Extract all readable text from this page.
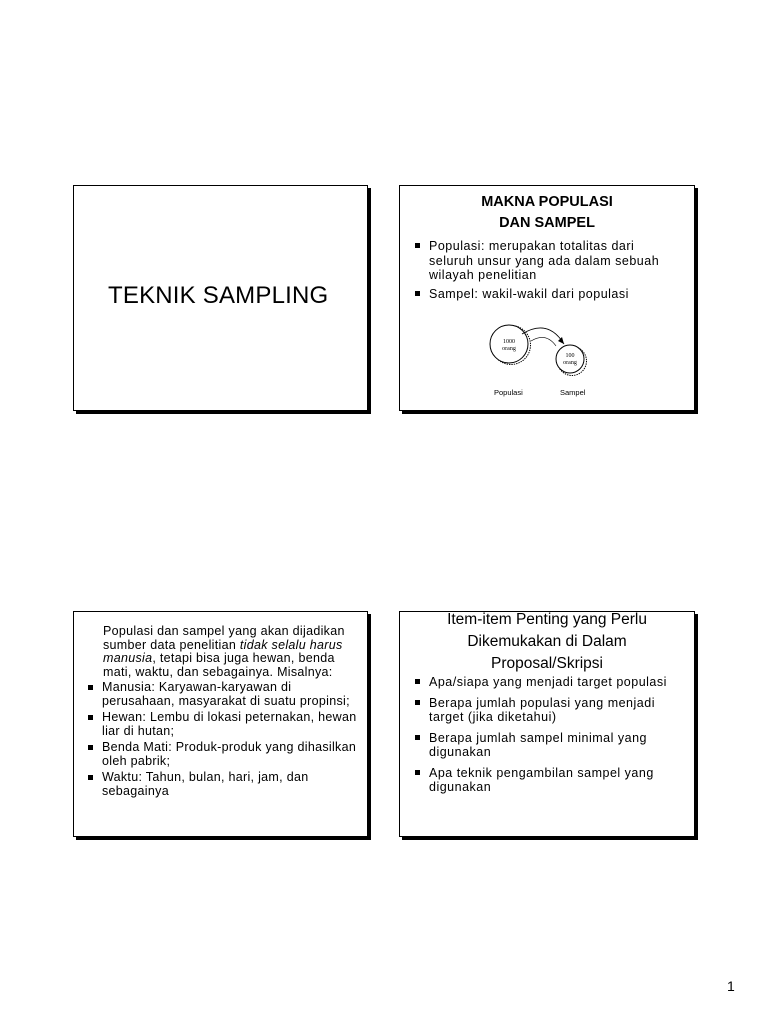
TEKNIK SAMPLING
MAKNA POPULASI
DAN SAMPEL
Populasi: merupakan totalitas dari seluruh unsur yang ada dalam sebuah wilayah penelitian
Sampel: wakil-wakil dari populasi
1000
orang
100
orang
Populasi	Sampel
Populasi dan sampel yang akan dijadikan sumber data penelitian tidak selalu harus manusia, tetapi bisa juga hewan, benda mati, waktu, dan sebagainya. Misalnya:
Manusia: Karyawan-karyawan di perusahaan, masyarakat di suatu propinsi;
Hewan: Lembu di lokasi peternakan, hewan liar di hutan;
Benda Mati: Produk-produk yang dihasilkan oleh pabrik;
Waktu: Tahun, bulan, hari, jam, dan sebagainya
Item-item Penting yang Perlu
Dikemukakan di Dalam
Proposal/Skripsi
Apa/siapa yang menjadi target populasi
Berapa jumlah populasi yang menjadi target (jika diketahui)
Berapa jumlah sampel minimal yang digunakan
Apa teknik pengambilan sampel yang digunakan
1
